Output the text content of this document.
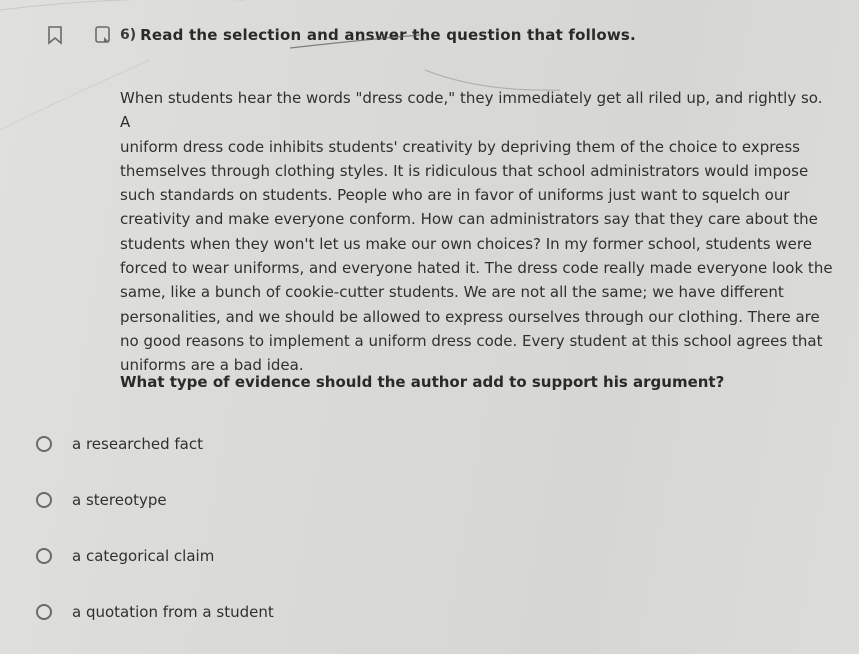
6) Read the selection and answer the question that follows.
When students hear the words "dress code," they immediately get all riled up, and rightly so. A
uniform dress code inhibits students' creativity by depriving them of the choice to express
themselves through clothing styles. It is ridiculous that school administrators would impose
such standards on students. People who are in favor of uniforms just want to squelch our
creativity and make everyone conform. How can administrators say that they care about the
students when they won't let us make our own choices? In my former school, students were
forced to wear uniforms, and everyone hated it. The dress code really made everyone look the
same, like a bunch of cookie-cutter students. We are not all the same; we have different
personalities, and we should be allowed to express ourselves through our clothing. There are
no good reasons to implement a uniform dress code. Every student at this school agrees that
uniforms are a bad idea.
What type of evidence should the author add to support his argument?
a researched fact
a stereotype
a categorical claim
a quotation from a student
